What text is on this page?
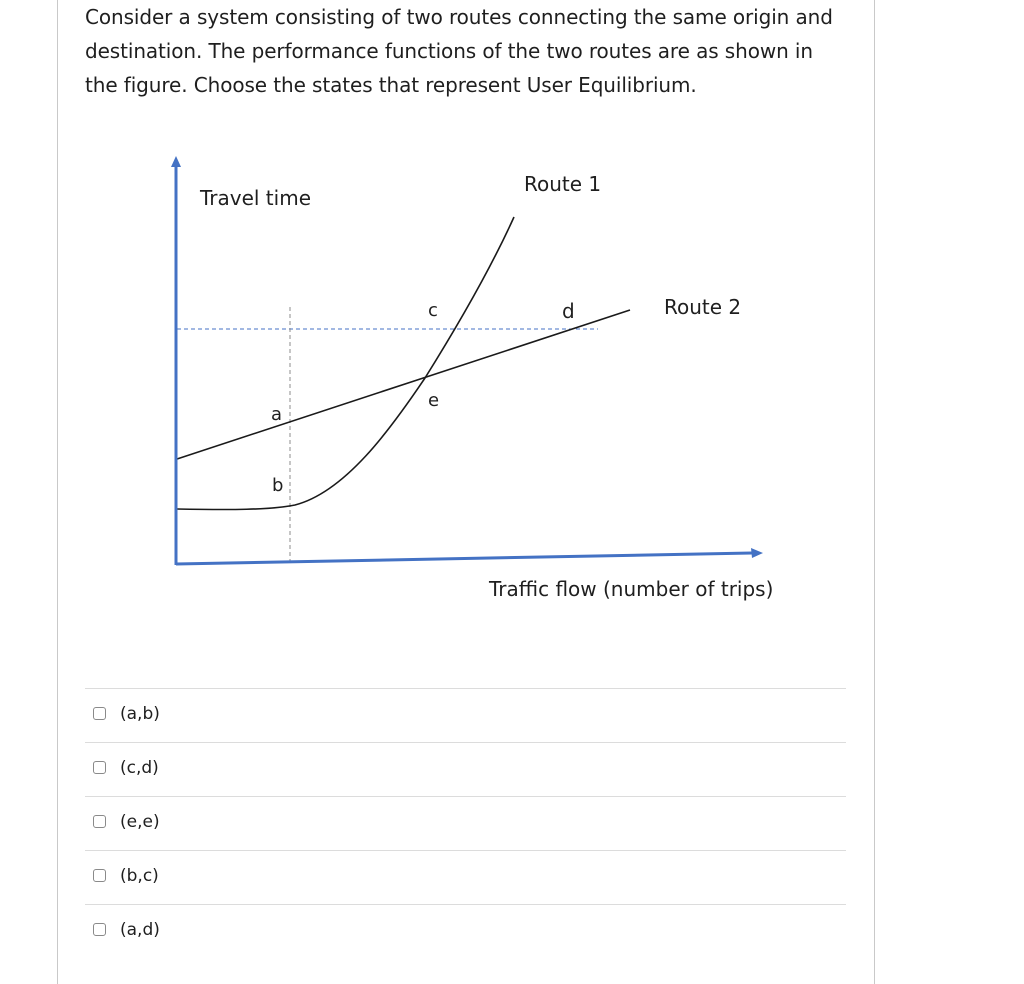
Consider a system consisting of two routes connecting the same origin and destination. The performance functions of the two routes are as shown in the figure. Choose the states that represent User Equilibrium.

Travel time
Traffic flow (number of trips)
Route 1
Route 2
a
b
c	d
e
(a,b)
(c,d)
(e,e)
(b,c)
(a,d)
